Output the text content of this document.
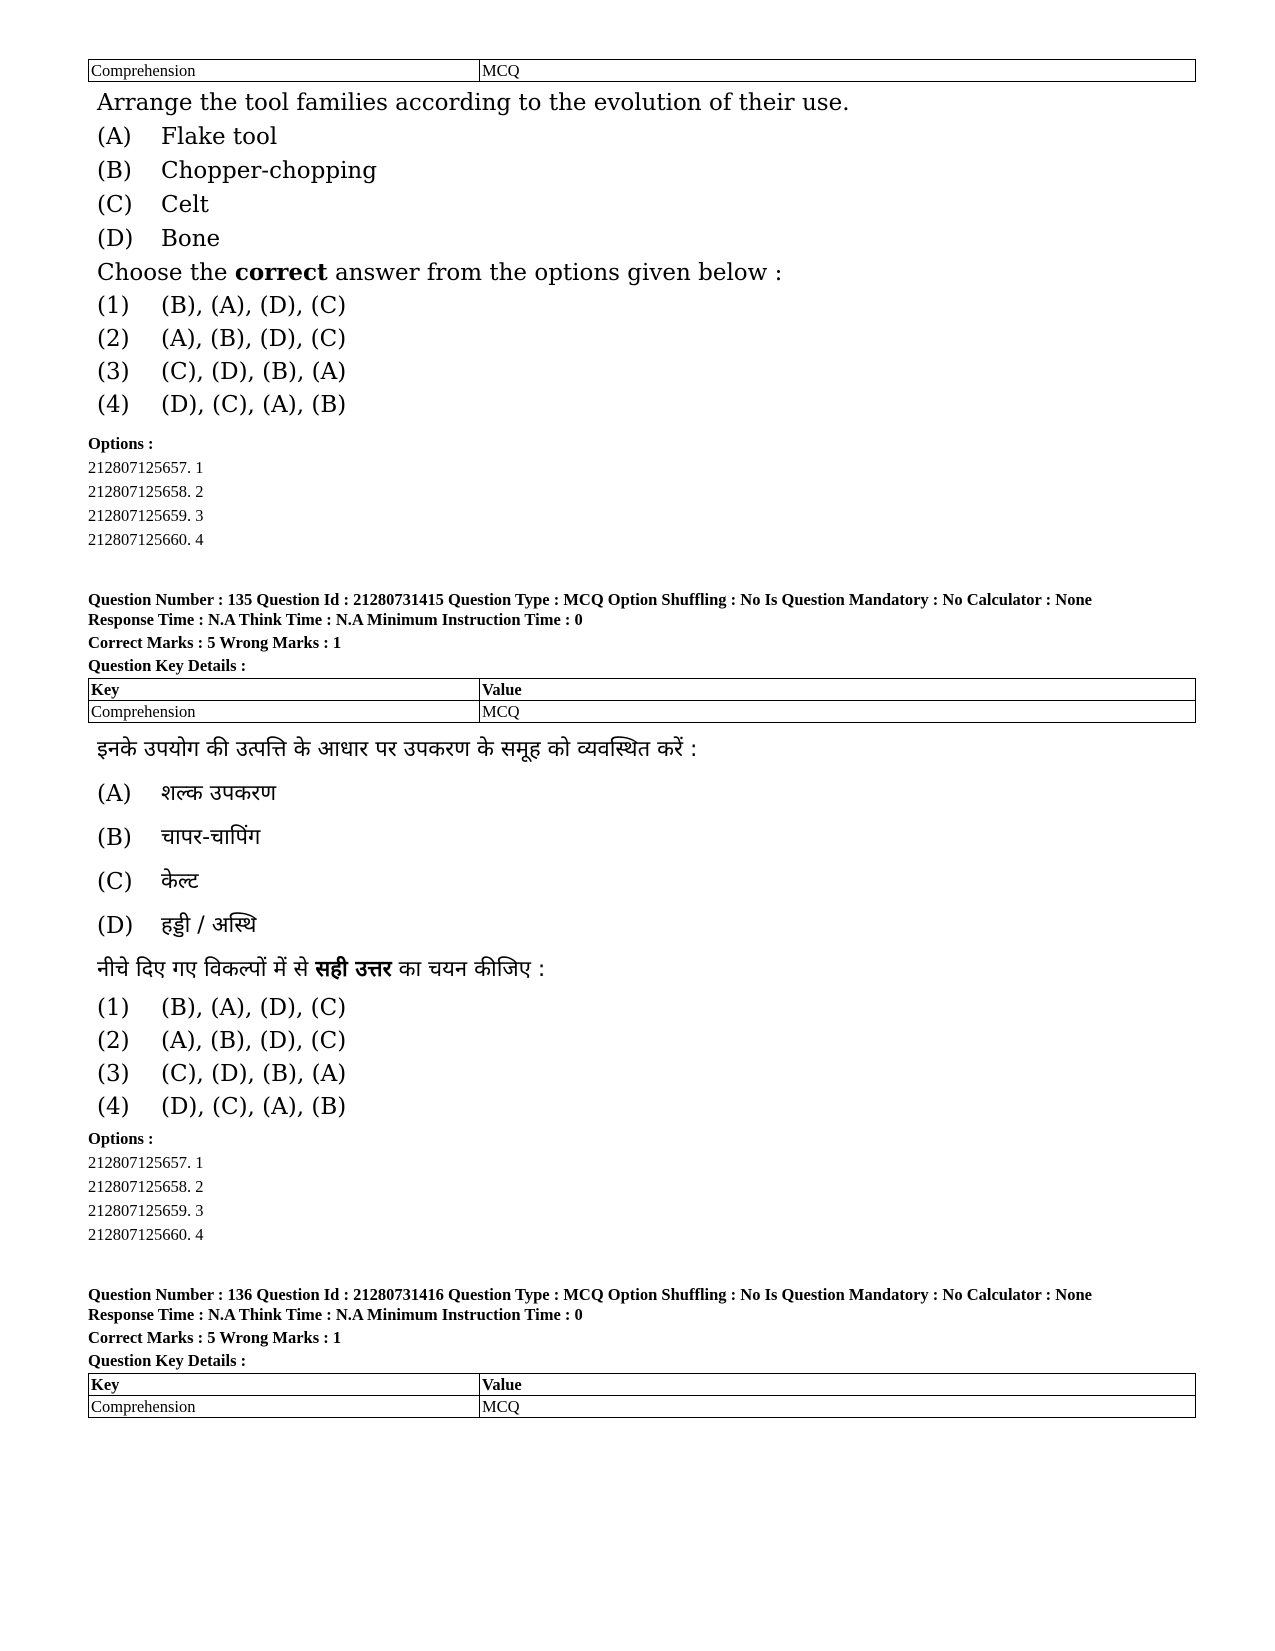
Comprehension	MCQ
Arrange the tool families according to the evolution of their use.
(A)	Flake tool
(B)	Chopper-chopping
(C)	Celt
(D)	Bone
Choose the correct answer from the options given below :
(1)	(B), (A), (D), (C)
(2)	(A), (B), (D), (C)
(3)	(C), (D), (B), (A)
(4)	(D), (C), (A), (B)
Options :
212807125657. 1
212807125658. 2
212807125659. 3
212807125660. 4
Question Number : 135 Question Id : 21280731415 Question Type : MCQ Option Shuffling : No Is Question Mandatory : No Calculator : None
Response Time : N.A Think Time : N.A Minimum Instruction Time : 0
Correct Marks : 5 Wrong Marks : 1
Question Key Details :
Key	Value
Comprehension	MCQ
इनके उपयोग की उत्पत्ति के आधार पर उपकरण के समूह को व्यवस्थित करें :
(A)	शल्क उपकरण
(B)	चापर-चापिंग
(C)	केल्ट
(D)	हड्डी / अस्थि
नीचे दिए गए विकल्पों में से सही उत्तर का चयन कीजिए :
(1)	(B), (A), (D), (C)
(2)	(A), (B), (D), (C)
(3)	(C), (D), (B), (A)
(4)	(D), (C), (A), (B)
Options :
212807125657. 1
212807125658. 2
212807125659. 3
212807125660. 4
Question Number : 136 Question Id : 21280731416 Question Type : MCQ Option Shuffling : No Is Question Mandatory : No Calculator : None
Response Time : N.A Think Time : N.A Minimum Instruction Time : 0
Correct Marks : 5 Wrong Marks : 1
Question Key Details :
Key	Value
Comprehension	MCQ
